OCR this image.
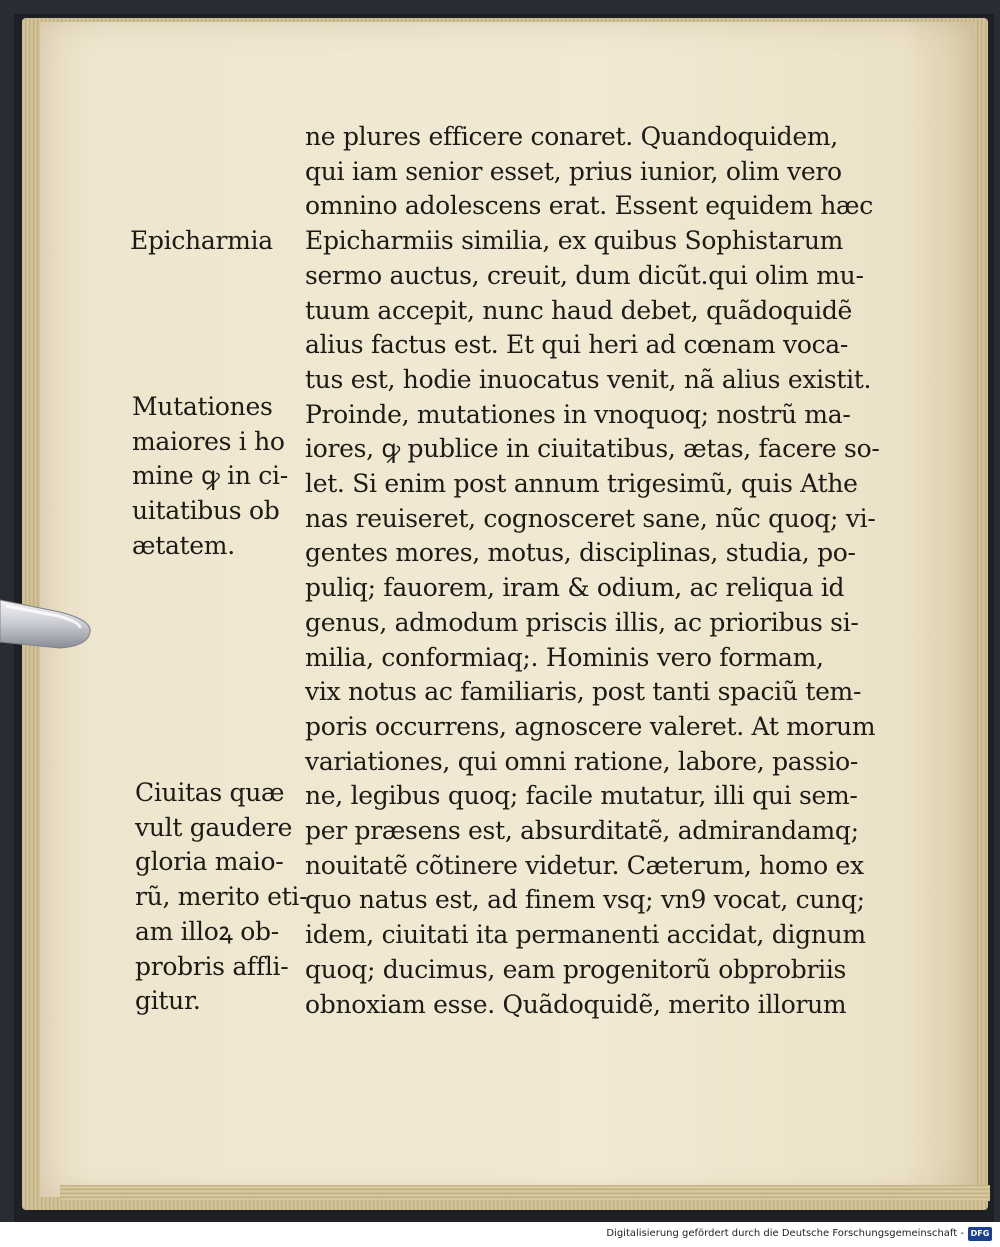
ne plures efficere conaret. Quandoquidem,
qui iam senior esset, prius iunior, olim vero
omnino adolescens erat. Essent equidem hæc
Epicharmiis similia, ex quibus Sophistarum
sermo auctus, creuit, dum dicũt.qui olim mu-
tuum accepit, nunc haud debet, quãdoquidẽ
alius factus est. Et qui heri ad cœnam voca-
tus est, hodie inuocatus venit, nã alius existit.
Proinde, mutationes in vnoquoq; nostrũ ma-
iores, ꝙ publice in ciuitatibus, ætas, facere so-
let. Si enim post annum trigesimũ, quis Athe
nas reuiseret, cognosceret sane, nũc quoq; vi-
gentes mores, motus, disciplinas, studia, po-
puliq; fauorem, iram & odium, ac reliqua id
genus, admodum priscis illis, ac prioribus si-
milia, conformiaq;. Hominis vero formam,
vix notus ac familiaris, post tanti spaciũ tem-
poris occurrens, agnoscere valeret. At morum
variationes, qui omni ratione, labore, passio-
ne, legibus quoq; facile mutatur, illi qui sem-
per præsens est, absurditatẽ, admirandamq;
nouitatẽ cõtinere videtur. Cæterum, homo ex
quo natus est, ad finem vsq; vn9 vocat, cunq;
idem, ciuitati ita permanenti accidat, dignum
quoq; ducimus, eam progenitorũ obprobriis
obnoxiam esse. Quãdoquidẽ, merito illorum
Epicharmia
Mutationes
maiores i ho
mine ꝙ in ci-
uitatibus ob
ætatem.
Ciuitas quæ
vult gaudere
gloria maio-
rũ, merito eti-
am illoꝝ ob-
probris affli-
gitur.
Digitalisierung gefördert durch die Deutsche Forschungsgemeinschaft - DFG
